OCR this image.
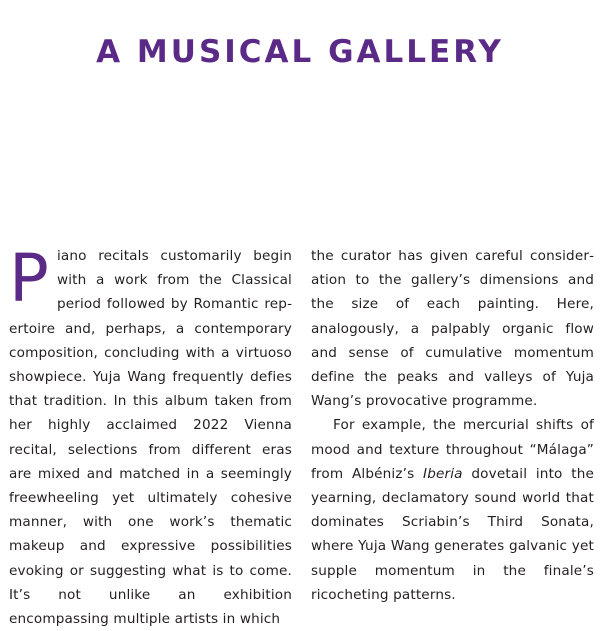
A MUSICAL GALLERY

Piano recitals customarily begin with a work from the Classical period followed by Romantic repertoire and, perhaps, a contemporary composition, concluding with a virtuoso showpiece. Yuja Wang frequently defies that tradition. In this album taken from her highly acclaimed 2022 Vienna recital, selections from different eras are mixed and matched in a seemingly freewheeling yet ultimately cohesive manner, with one work’s thematic makeup and expressive possibilities evoking or suggesting what is to come. It’s not unlike an exhibition encompassing multiple artists in which

the curator has given careful consideration to the gallery’s dimensions and the size of each painting. Here, analogously, a palpably organic flow and sense of cumulative momentum define the peaks and valleys of Yuja Wang’s provocative programme.

For example, the mercurial shifts of mood and texture throughout “Málaga” from Albéniz’s Iberia dovetail into the yearning, declamatory sound world that dominates Scriabin’s Third Sonata, where Yuja Wang generates galvanic yet supple momentum in the finale’s ricocheting patterns.
